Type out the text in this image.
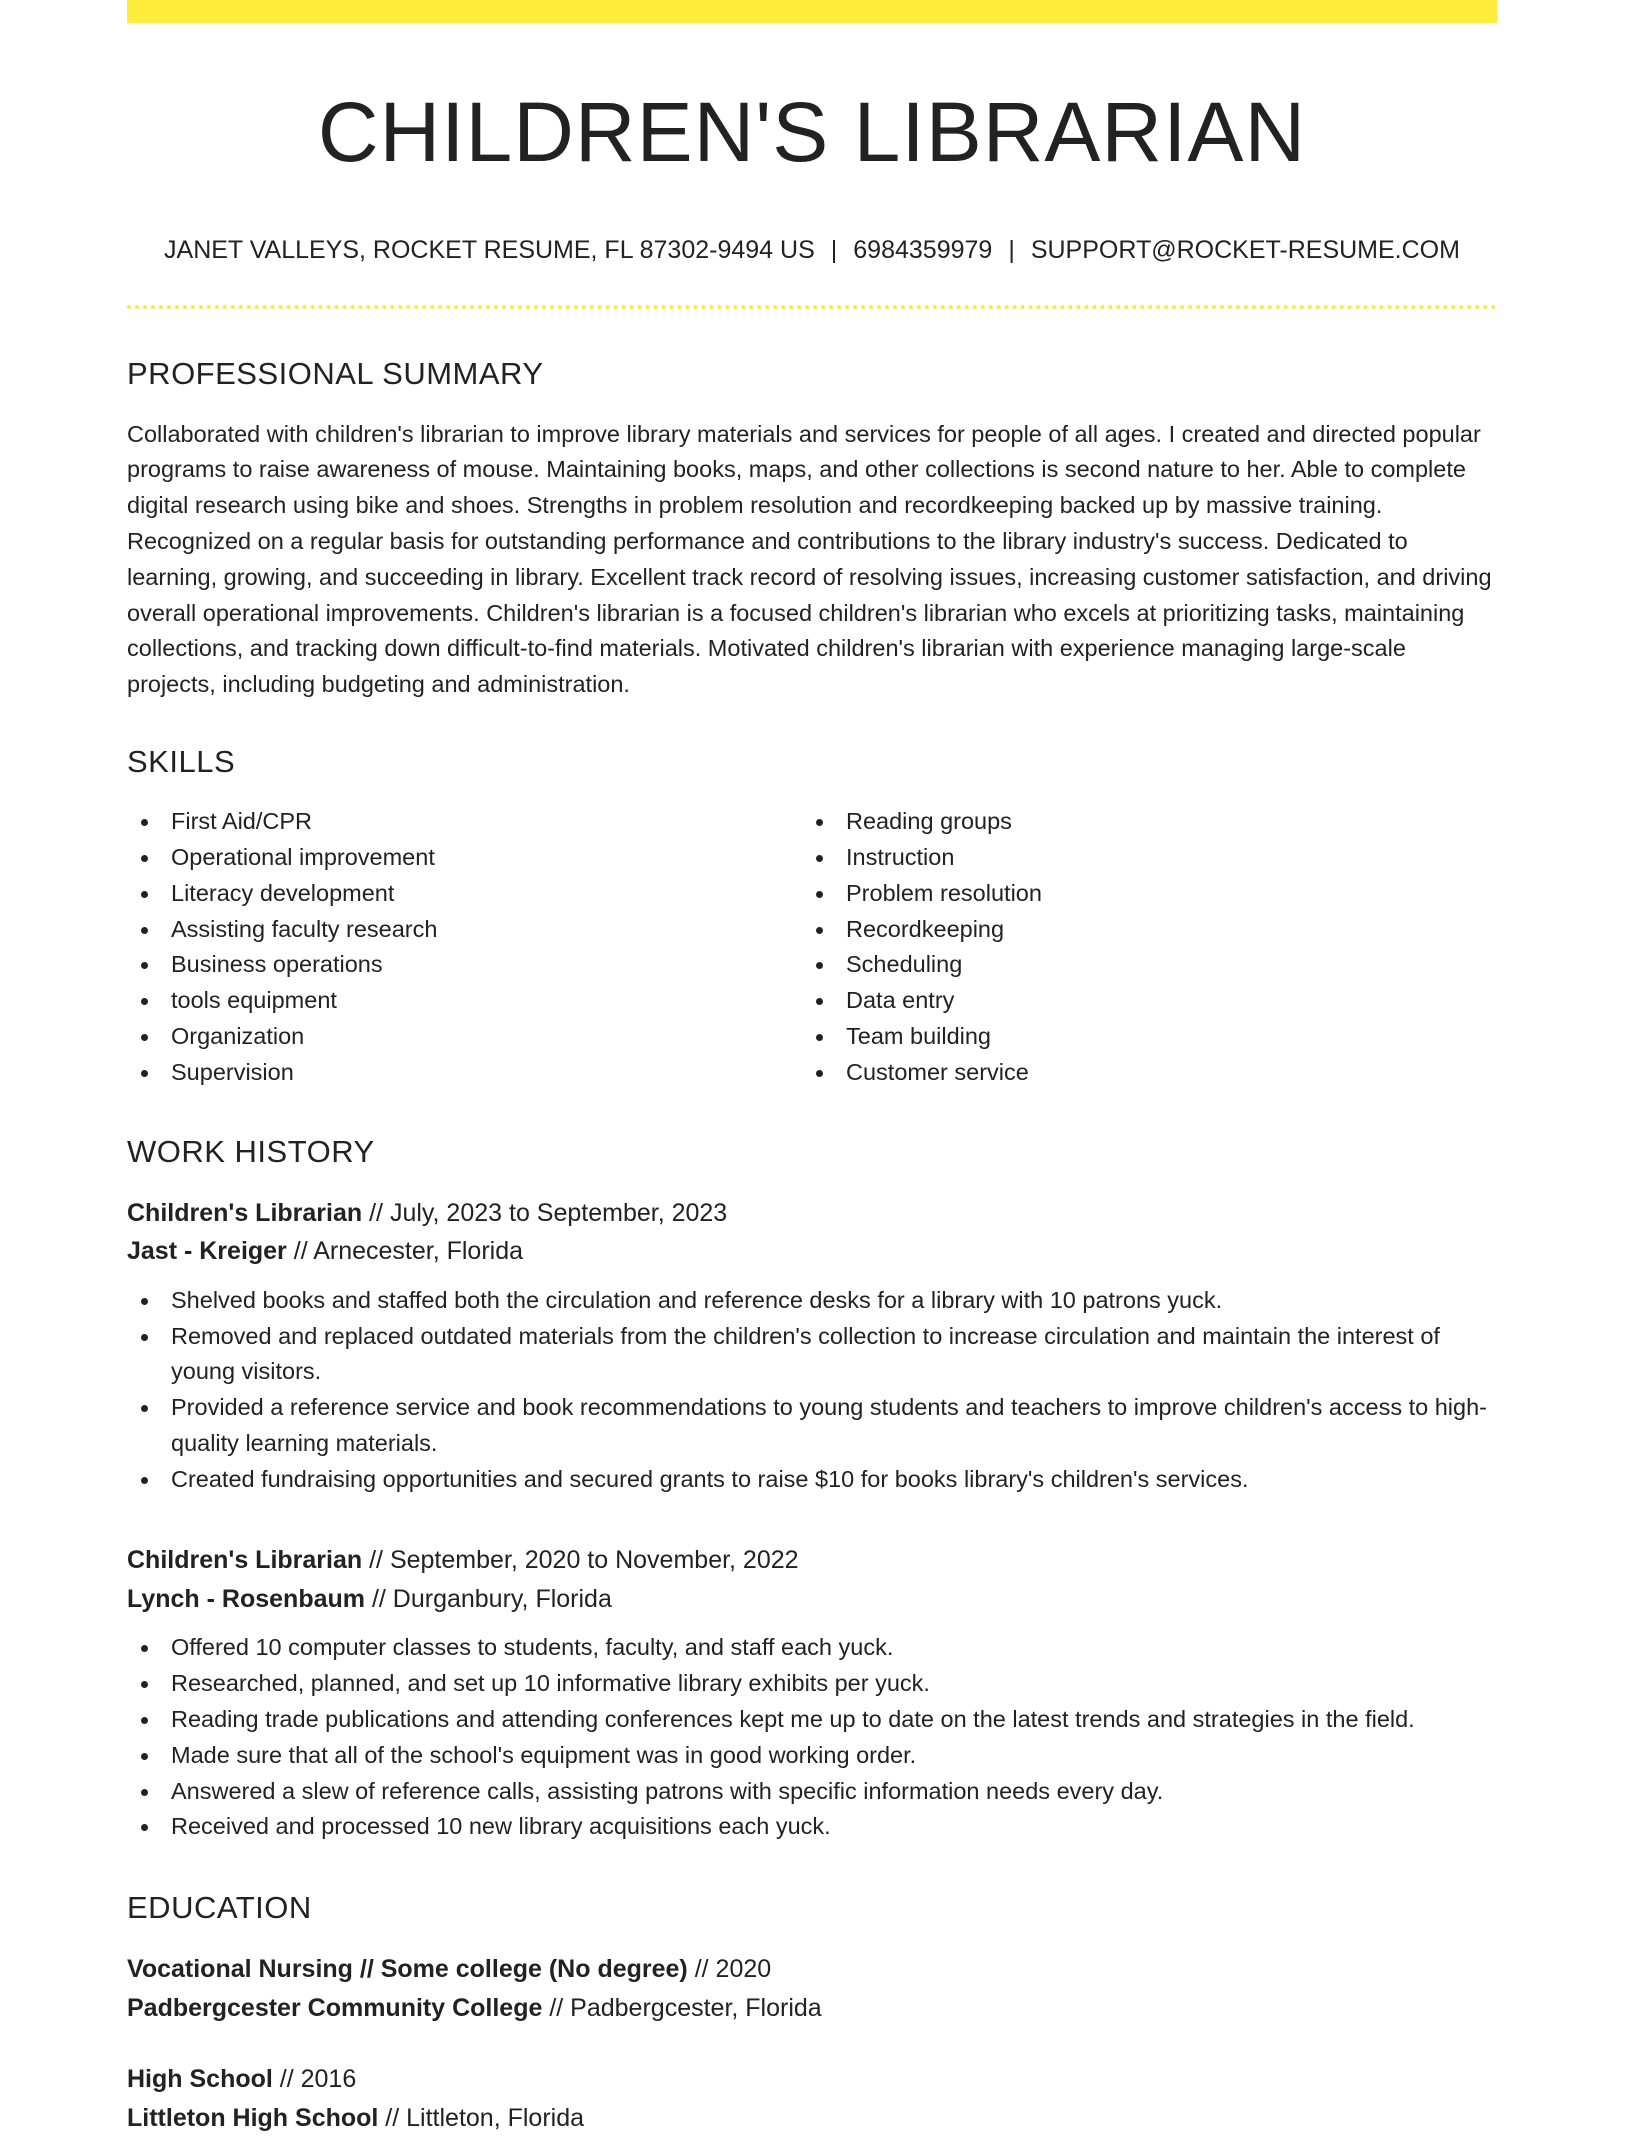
CHILDREN'S LIBRARIAN
JANET VALLEYS, ROCKET RESUME, FL 87302-9494 US | 6984359979 | SUPPORT@ROCKET-RESUME.COM
PROFESSIONAL SUMMARY

Collaborated with children's librarian to improve library materials and services for people of all ages. I created and directed popular programs to raise awareness of mouse. Maintaining books, maps, and other collections is second nature to her. Able to complete digital research using bike and shoes. Strengths in problem resolution and recordkeeping backed up by massive training. Recognized on a regular basis for outstanding performance and contributions to the library industry's success. Dedicated to learning, growing, and succeeding in library. Excellent track record of resolving issues, increasing customer satisfaction, and driving overall operational improvements. Children's librarian is a focused children's librarian who excels at prioritizing tasks, maintaining collections, and tracking down difficult-to-find materials. Motivated children's librarian with experience managing large-scale projects, including budgeting and administration.

SKILLS
First Aid/CPR
Operational improvement
Literacy development
Assisting faculty research
Business operations
tools equipment
Organization
Supervision
Reading groups
Instruction
Problem resolution
Recordkeeping
Scheduling
Data entry
Team building
Customer service
WORK HISTORY
Children's Librarian // July, 2023 to September, 2023
Jast - Kreiger // Arnecester, Florida
Shelved books and staffed both the circulation and reference desks for a library with 10 patrons yuck.
Removed and replaced outdated materials from the children's collection to increase circulation and maintain the interest of young visitors.
Provided a reference service and book recommendations to young students and teachers to improve children's access to high-quality learning materials.
Created fundraising opportunities and secured grants to raise $10 for books library's children's services.
Children's Librarian // September, 2020 to November, 2022
Lynch - Rosenbaum // Durganbury, Florida
Offered 10 computer classes to students, faculty, and staff each yuck.
Researched, planned, and set up 10 informative library exhibits per yuck.
Reading trade publications and attending conferences kept me up to date on the latest trends and strategies in the field.
Made sure that all of the school's equipment was in good working order.
Answered a slew of reference calls, assisting patrons with specific information needs every day.
Received and processed 10 new library acquisitions each yuck.
EDUCATION
Vocational Nursing // Some college (No degree) // 2020
Padbergcester Community College // Padbergcester, Florida
High School // 2016
Littleton High School // Littleton, Florida
